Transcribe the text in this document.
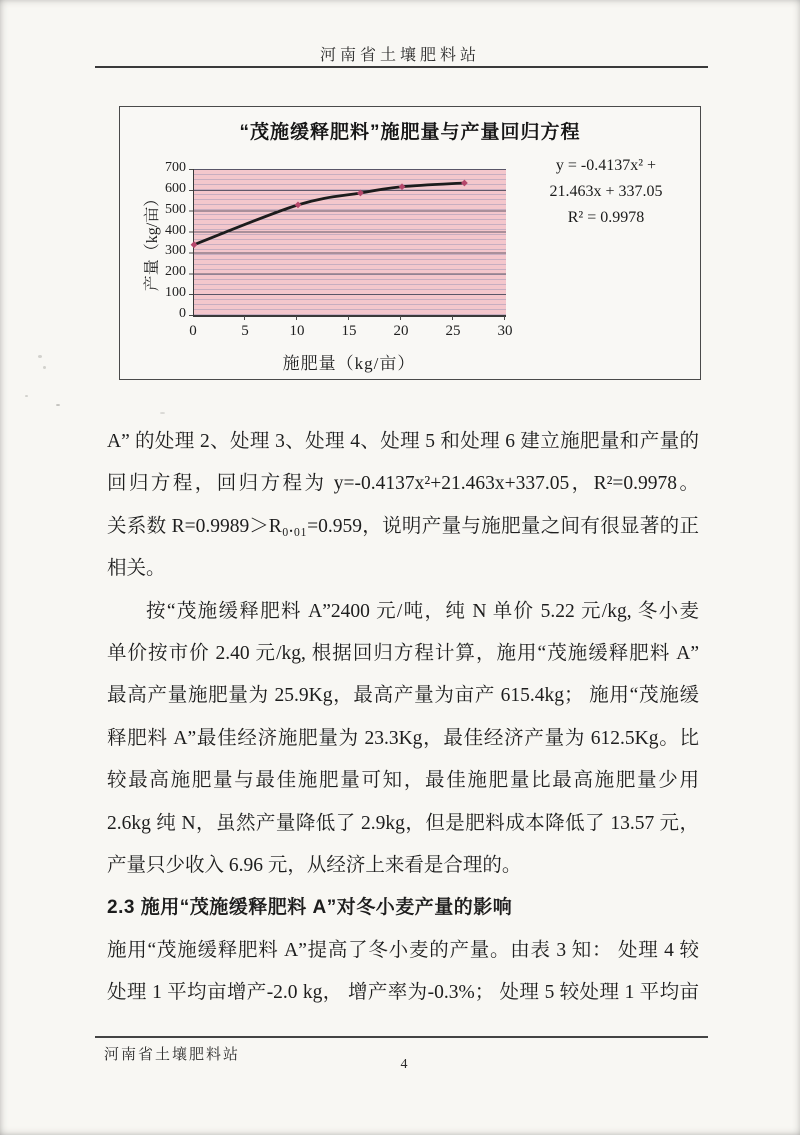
河南省土壤肥料站
“茂施缓释肥料”施肥量与产量回归方程
产量（kg/亩）
700
600
500
400
300
200
100
0
0	5	10	15	20	25	30
施肥量（kg/亩）
y = -0.4137x² +
21.463x + 337.05
R² = 0.9978
A” 的处理 2、处理 3、处理 4、处理 5 和处理 6 建立施肥量和产量的
回归方程，回归方程为 y=-0.4137x²+21.463x+337.05，R²=0.9978。
关系数 R=0.9989＞R₀.₀₁=0.959，说明产量与施肥量之间有很显著的正
相关。
按“茂施缓释肥料 A”2400 元/吨，纯 N 单价 5.22 元/kg, 冬小麦
单价按市价 2.40 元/kg, 根据回归方程计算，施用“茂施缓释肥料 A”
最高产量施肥量为 25.9Kg，最高产量为亩产 615.4kg； 施用“茂施缓
释肥料 A”最佳经济施肥量为 23.3Kg，最佳经济产量为 612.5Kg。比
较最高施肥量与最佳施肥量可知，最佳施肥量比最高施肥量少用
2.6kg 纯 N，虽然产量降低了 2.9kg，但是肥料成本降低了 13.57 元，
产量只少收入 6.96 元，从经济上来看是合理的。
2.3 施用“茂施缓释肥料 A”对冬小麦产量的影响
施用“茂施缓释肥料 A”提高了冬小麦的产量。由表 3 知： 处理 4 较
处理 1 平均亩增产-2.0 kg， 增产率为-0.3%； 处理 5 较处理 1 平均亩
河南省土壤肥料站
4
